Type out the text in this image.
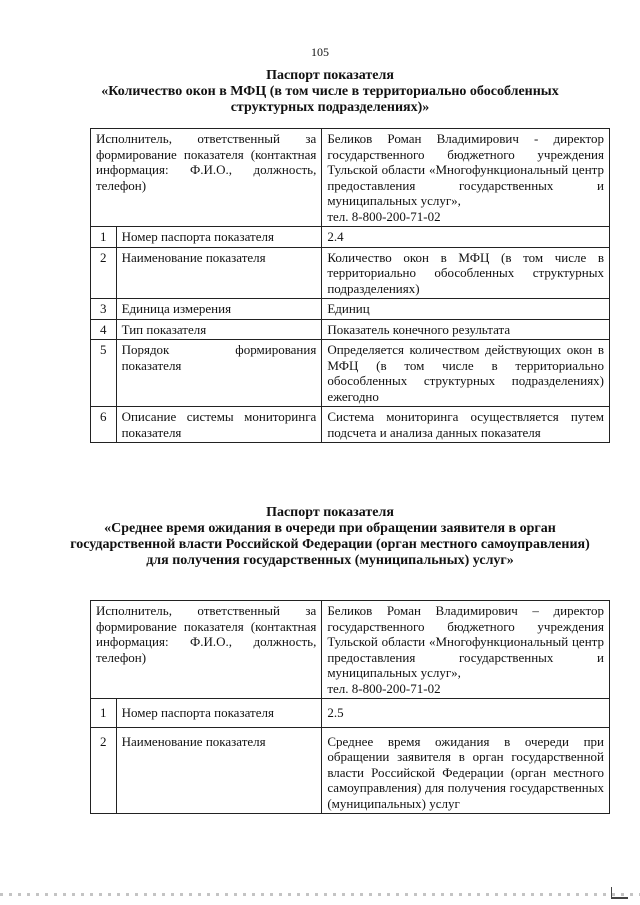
105
Паспорт показателя
«Количество окон в МФЦ (в том числе в территориально обособленных структурных подразделениях)»
Исполнитель, ответственный за формирование показателя (контактная информация: Ф.И.О., должность, телефон)		Беликов Роман Владимирович - директор государственного бюджетного учреждения Тульской области «Многофункциональный центр предоставления государственных и муниципальных услуг»,
тел. 8-800-200-71-02
1	Номер паспорта показателя	2.4
2	Наименование показателя	Количество окон в МФЦ (в том числе в территориально обособленных структурных подразделениях)
3	Единица измерения	Единиц
4	Тип показателя	Показатель конечного результата
5	Порядок формирования показателя	Определяется количеством действующих окон в МФЦ (в том числе в территориально обособленных структурных подразделениях) ежегодно
6	Описание системы мониторинга показателя	Система мониторинга осуществляется путем подсчета и анализа данных показателя
Паспорт показателя
«Среднее время ожидания в очереди при обращении заявителя в орган государственной власти Российской Федерации (орган местного самоуправления) для получения государственных (муниципальных) услуг»
Исполнитель, ответственный за формирование показателя (контактная информация: Ф.И.О., должность, телефон)		Беликов Роман Владимирович – директор государственного бюджетного учреждения Тульской области «Многофункциональный центр предоставления государственных и муниципальных услуг»,
тел. 8-800-200-71-02
1	Номер паспорта показателя	2.5
2	Наименование показателя	Среднее время ожидания в очереди при обращении заявителя в орган государственной власти Российской Федерации (орган местного самоуправления) для получения государственных (муниципальных) услуг
